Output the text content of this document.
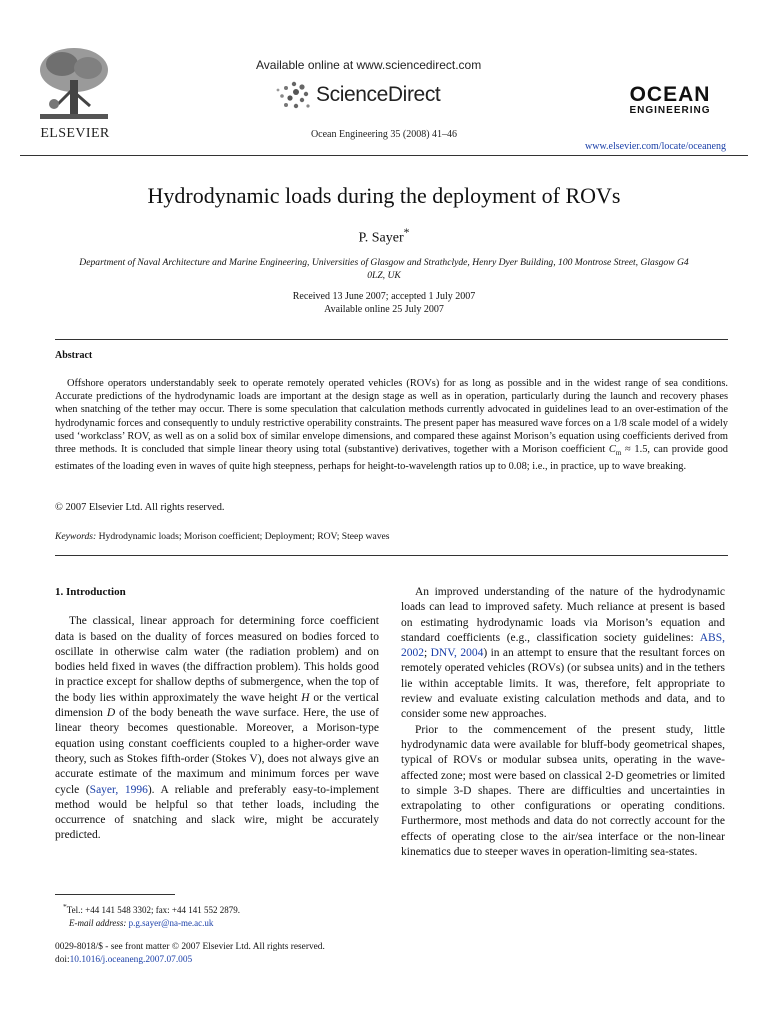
ELSEVIER
Available online at www.sciencedirect.com
ScienceDirect
Ocean Engineering 35 (2008) 41–46
OCEAN
ENGINEERING
www.elsevier.com/locate/oceaneng
Hydrodynamic loads during the deployment of ROVs
P. Sayer*
Department of Naval Architecture and Marine Engineering, Universities of Glasgow and Strathclyde, Henry Dyer Building, 100 Montrose Street, Glasgow G4 0LZ, UK
Received 13 June 2007; accepted 1 July 2007
Available online 25 July 2007
Abstract

Offshore operators understandably seek to operate remotely operated vehicles (ROVs) for as long as possible and in the widest range of sea conditions. Accurate predictions of the hydrodynamic loads are important at the design stage as well as in operation, particularly during the launch and recovery phases when snatching of the tether may occur. There is some speculation that calculation methods currently advocated in guidelines lead to an over-estimation of the hydrodynamic forces and consequently to unduly restrictive operability constraints. The present paper has measured wave forces on a 1/8 scale model of a widely used ‘workclass’ ROV, as well as on a solid box of similar envelope dimensions, and compared these against Morison’s equation using coefficients derived from three methods. It is concluded that simple linear theory using total (substantive) derivatives, together with a Morison coefficient $C_m \approx 1.5$, can provide good estimates of the loading even in waves of quite high steepness, perhaps for height-to-wavelength ratios up to 0.08; i.e., in practice, up to wave breaking.

© 2007 Elsevier Ltd. All rights reserved.
Keywords: Hydrodynamic loads; Morison coefficient; Deployment; ROV; Steep waves
1. Introduction

The classical, linear approach for determining force coefficient data is based on the duality of forces measured on bodies forced to oscillate in otherwise calm water (the radiation problem) and on bodies held fixed in waves (the diffraction problem). This holds good in practice except for shallow depths of submergence, when the top of the body lies within approximately the wave height H or the vertical dimension D of the body beneath the wave surface. Here, the use of linear theory becomes questionable. Moreover, a Morison-type equation using constant coefficients coupled to a higher-order wave theory, such as Stokes fifth-order (Stokes V), does not always give an accurate estimate of the maximum and minimum forces per wave cycle (Sayer, 1996). A reliable and preferably easy-to-implement method would be helpful so that tether loads, including the occurrence of snatching and slack wire, might be accurately predicted.

An improved understanding of the nature of the hydrodynamic loads can lead to improved safety. Much reliance at present is based on estimating hydrodynamic loads via Morison’s equation and standard coefficients (e.g., classification society guidelines: ABS, 2002; DNV, 2004) in an attempt to ensure that the resultant forces on remotely operated vehicles (ROVs) (or subsea units) and in the tethers lie within acceptable limits. It was, therefore, felt appropriate to review and evaluate existing calculation methods and data, and to consider some new approaches.

Prior to the commencement of the present study, little hydrodynamic data were available for bluff-body geometrical shapes, typical of ROVs or modular subsea units, operating in the wave-affected zone; most were based on classical 2-D geometries or limited to simple 3-D shapes. There are difficulties and uncertainties in extrapolating to other configurations or operating conditions. Furthermore, most methods and data do not correctly account for the effects of operating close to the air/sea interface or the non-linear kinematics due to steeper waves in operation-limiting sea-states.

*Tel.: +44 141 548 3302; fax: +44 141 552 2879.
E-mail address: p.g.sayer@na-me.ac.uk
0029-8018/$ - see front matter © 2007 Elsevier Ltd. All rights reserved.
doi:10.1016/j.oceaneng.2007.07.005
